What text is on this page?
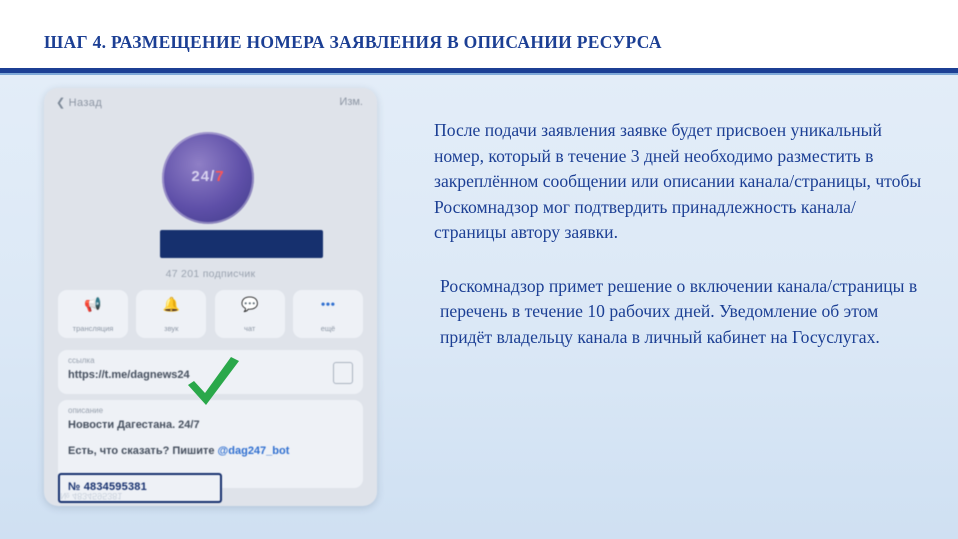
ШАГ 4. РАЗМЕЩЕНИЕ НОМЕРА ЗАЯВЛЕНИЯ В ОПИСАНИИ РЕСУРСА
❮ Назад	Изм.
24/7
47 201 подписчик
📢
трансляция
🔔
звук
💬
чат
•••
ещё
ссылка
https://t.me/dagnews24
описание
Новости Дагестана. 24/7
Есть, что сказать? Пишите @dag247_bot
№ 4834595381
№ 4834595381

После подачи заявления заявке будет присвоен уникальный номер, который в течение 3 дней необходимо разместить в закреплённом сообщении или описании канала/страницы, чтобы Роскомнадзор мог подтвердить принадлежность канала/страницы автору заявки.

Роскомнадзор примет решение о включении канала/страницы в перечень в течение 10 рабочих дней. Уведомление об этом придёт владельцу канала в личный кабинет на Госуслугах.
